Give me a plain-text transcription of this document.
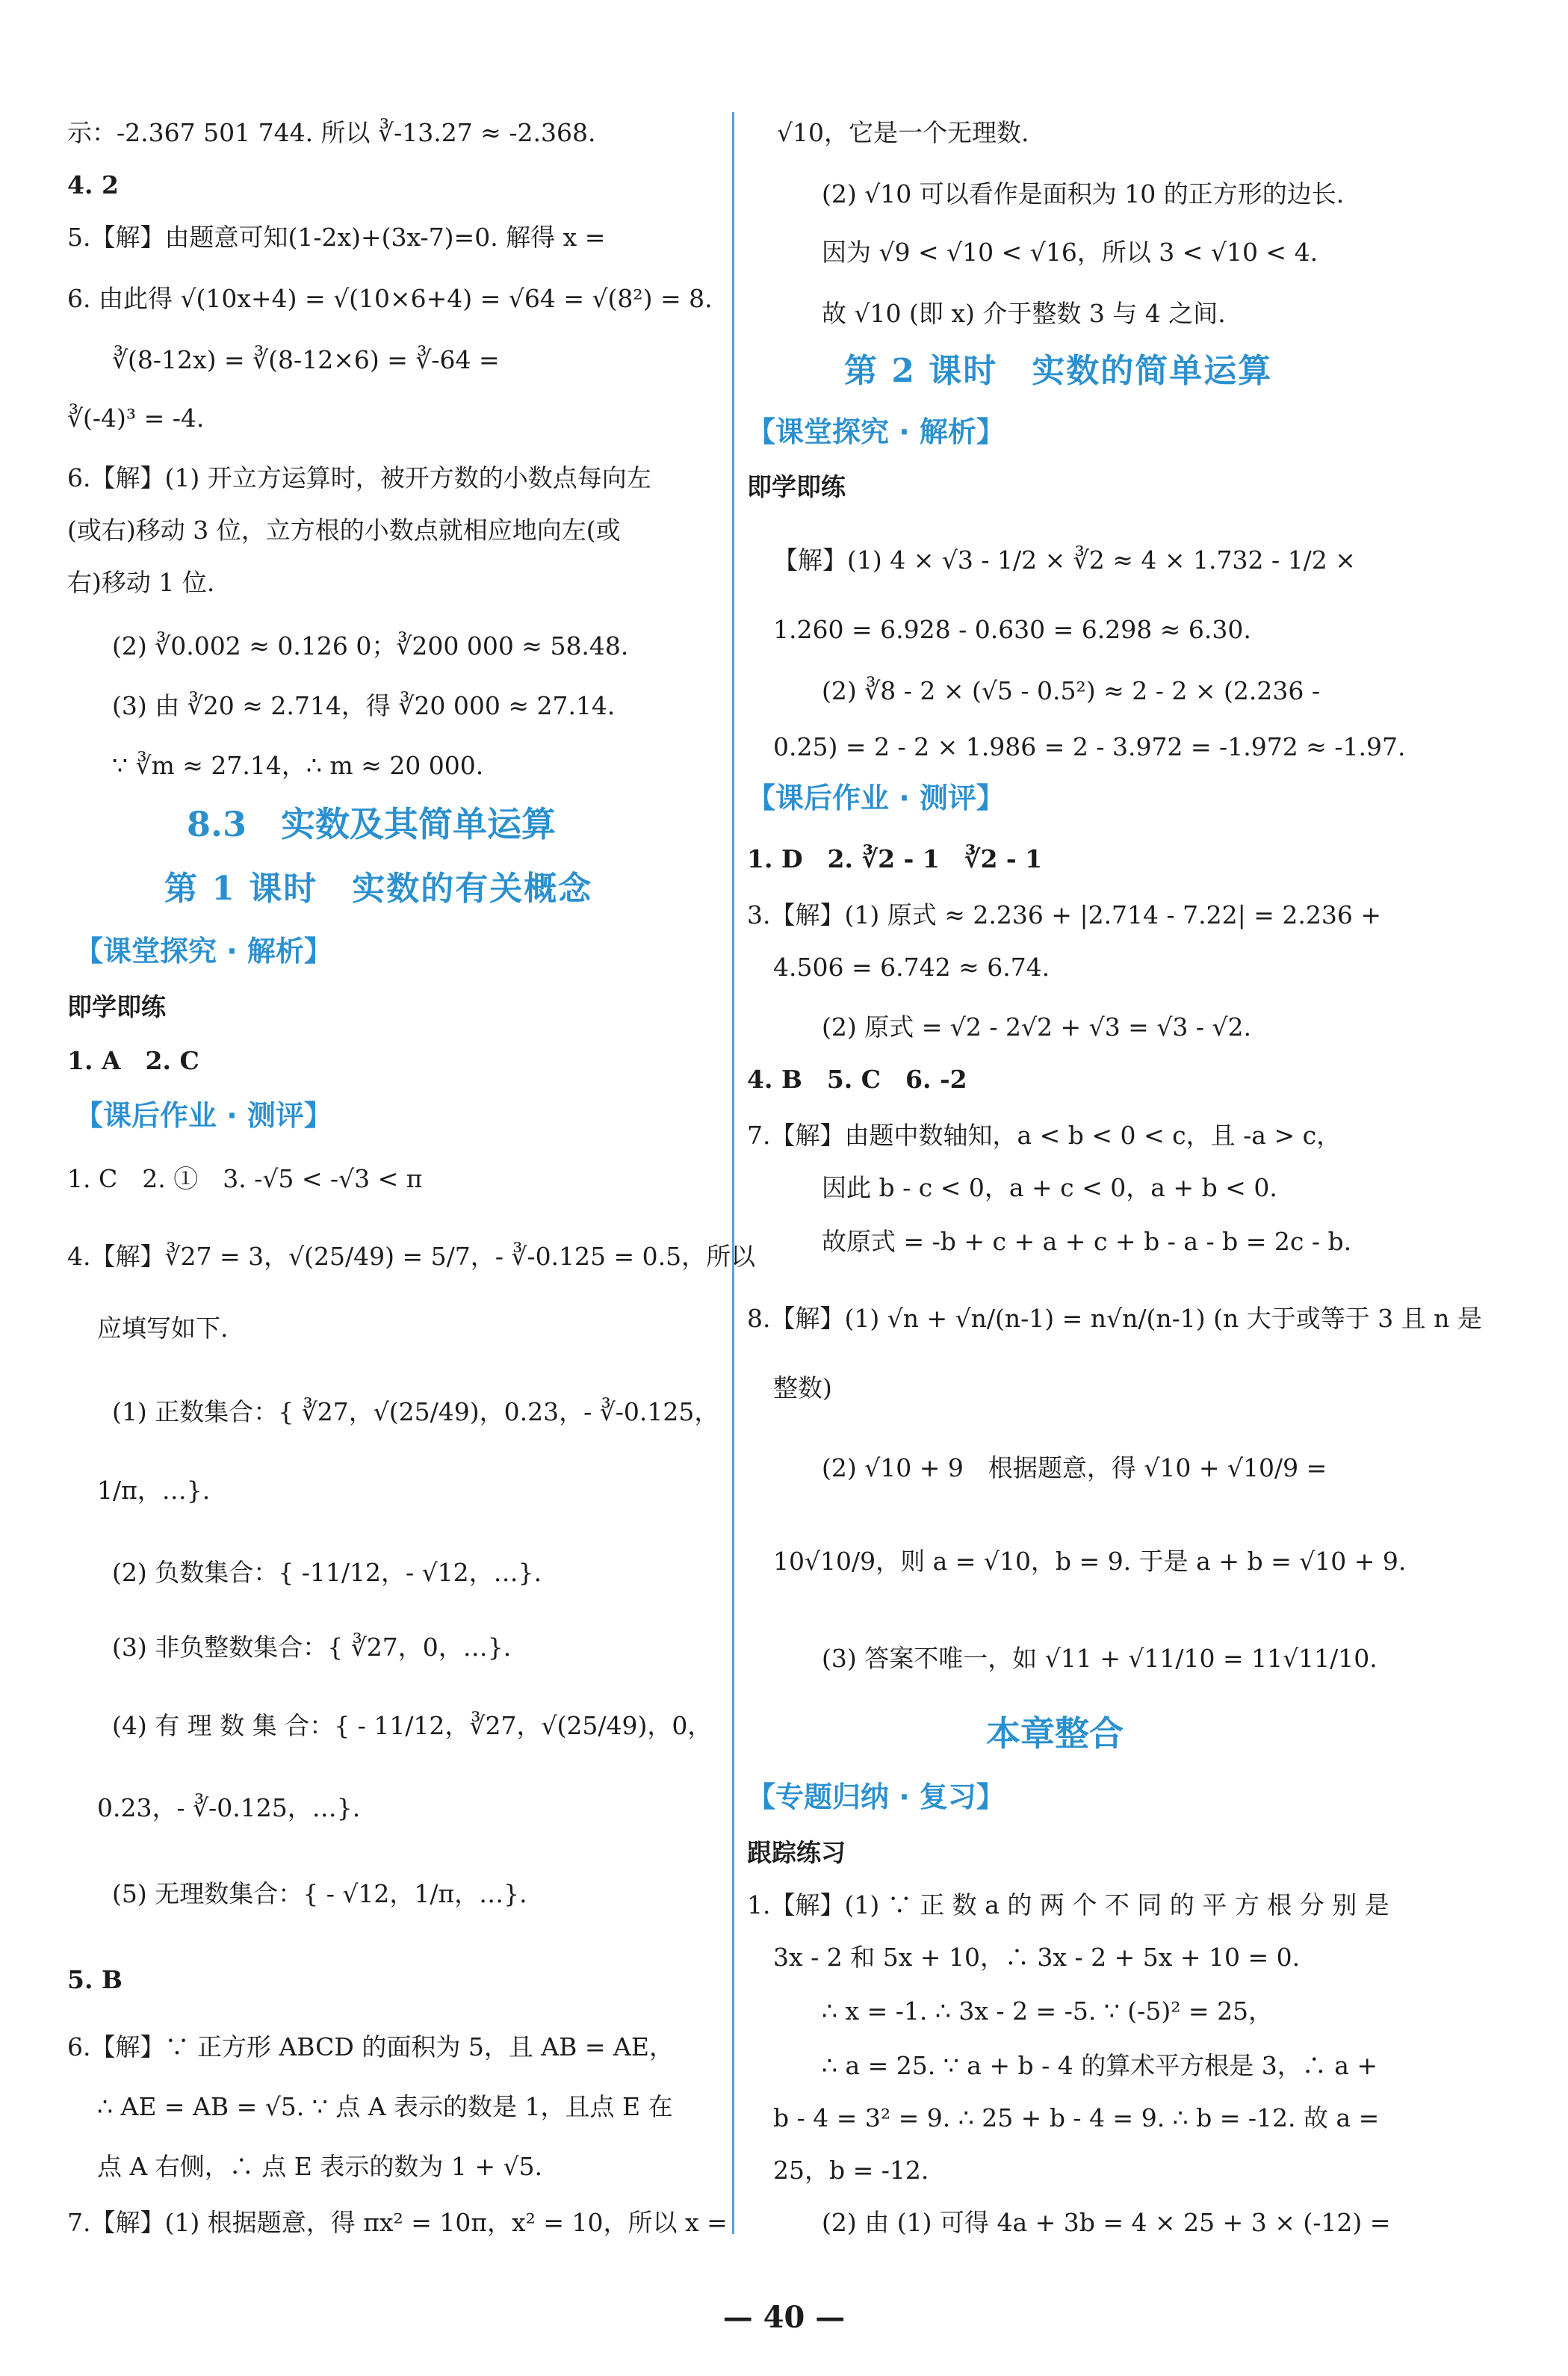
示：-2.367 501 744. 所以 ∛-13.27 ≈ -2.368.
4. 2
5.【解】由题意可知(1-2x)+(3x-7)=0. 解得 x =
6. 由此得 √(10x+4) = √(10×6+4) = √64 = √(8²) = 8.
∛(8-12x) = ∛(8-12×6) = ∛-64 =
∛(-4)³ = -4.
6.【解】(1) 开立方运算时，被开方数的小数点每向左
(或右)移动 3 位，立方根的小数点就相应地向左(或
右)移动 1 位.
(2) ∛0.002 ≈ 0.126 0；∛200 000 ≈ 58.48.
(3) 由 ∛20 ≈ 2.714，得 ∛20 000 ≈ 27.14.
∵ ∛m ≈ 27.14，∴ m ≈ 20 000.
8.3　实数及其简单运算
第 1 课时　实数的有关概念
【课堂探究 · 解析】
即学即练
1. A　2. C
【课后作业 · 测评】
1. C　2. ①　3. -√5 < -√3 < π
4.【解】∛27 = 3，√(25/49) = 5/7，- ∛-0.125 = 0.5，所以
应填写如下.
(1) 正数集合：{ ∛27，√(25/49)，0.23，- ∛-0.125，
1/π，…}.
(2) 负数集合：{ -11/12，- √12，…}.
(3) 非负整数集合：{ ∛27，0，…}.
(4) 有 理 数 集 合：{ - 11/12，∛27，√(25/49)，0，
0.23，- ∛-0.125，…}.
(5) 无理数集合：{ - √12，1/π，…}.
5. B
6.【解】∵ 正方形 ABCD 的面积为 5，且 AB = AE，
∴ AE = AB = √5. ∵ 点 A 表示的数是 1，且点 E 在
点 A 右侧，∴ 点 E 表示的数为 1 + √5.
7.【解】(1) 根据题意，得 πx² = 10π，x² = 10，所以 x =
√10，它是一个无理数.
(2) √10 可以看作是面积为 10 的正方形的边长.
因为 √9 < √10 < √16，所以 3 < √10 < 4.
故 √10 (即 x) 介于整数 3 与 4 之间.
第 2 课时　实数的简单运算
【课堂探究 · 解析】
即学即练
【解】(1) 4 × √3 - 1/2 × ∛2 ≈ 4 × 1.732 - 1/2 ×
1.260 = 6.928 - 0.630 = 6.298 ≈ 6.30.
(2) ∛8 - 2 × (√5 - 0.5²) ≈ 2 - 2 × (2.236 -
0.25) = 2 - 2 × 1.986 = 2 - 3.972 = -1.972 ≈ -1.97.
【课后作业 · 测评】
1. D　2. ∛2 - 1　∛2 - 1
3.【解】(1) 原式 ≈ 2.236 + |2.714 - 7.22| = 2.236 +
4.506 = 6.742 ≈ 6.74.
(2) 原式 = √2 - 2√2 + √3 = √3 - √2.
4. B　5. C　6. -2
7.【解】由题中数轴知，a < b < 0 < c，且 -a > c，
因此 b - c < 0，a + c < 0，a + b < 0.
故原式 = -b + c + a + c + b - a - b = 2c - b.
8.【解】(1) √n + √n/(n-1) = n√n/(n-1) (n 大于或等于 3 且 n 是
整数)
(2) √10 + 9　根据题意，得 √10 + √10/9 =
10√10/9，则 a = √10，b = 9. 于是 a + b = √10 + 9.
(3) 答案不唯一，如 √11 + √11/10 = 11√11/10.
本章整合
【专题归纳 · 复习】
跟踪练习
1.【解】(1) ∵ 正 数 a 的 两 个 不 同 的 平 方 根 分 别 是
3x - 2 和 5x + 10，∴ 3x - 2 + 5x + 10 = 0.
∴ x = -1. ∴ 3x - 2 = -5. ∵ (-5)² = 25，
∴ a = 25. ∵ a + b - 4 的算术平方根是 3，∴ a +
b - 4 = 3² = 9. ∴ 25 + b - 4 = 9. ∴ b = -12. 故 a =
25，b = -12.
(2) 由 (1) 可得 4a + 3b = 4 × 25 + 3 × (-12) =
— 40 —
